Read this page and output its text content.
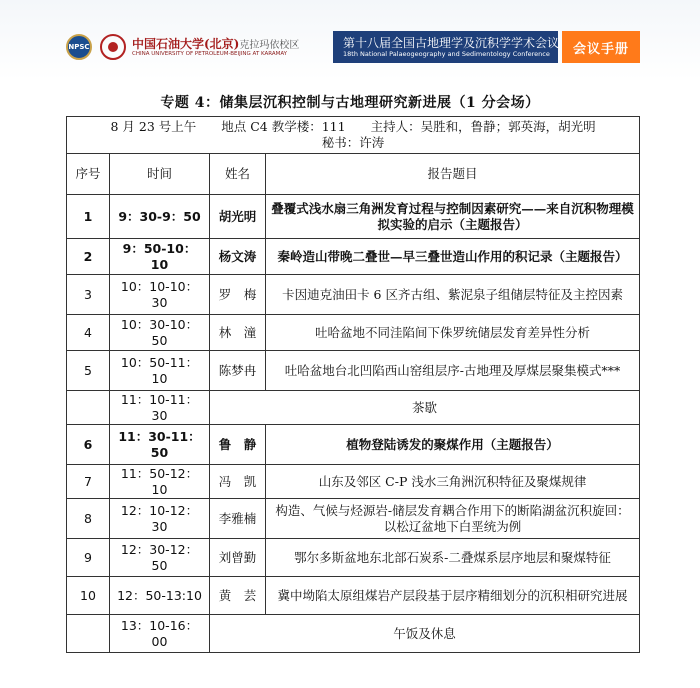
NPSC	中国石油大学(北京)克拉玛依校区
CHINA UNIVERSITY OF PETROLEUM-BEIJING AT KARAMAY
第十八届全国古地理学及沉积学学术会议
18th National Palaeogeography and Sedimentology Conference	会议手册
专题 4：储集层沉积控制与古地理研究新进展（1 分会场）
8 月 23 号上午　　地点 C4 教学楼：111　　主持人：吴胜和，鲁静；郭英海，胡光明
秘书：许涛			

序号	时间	姓名	报告题目
1	9：30-9：50	胡光明	叠覆式浅水扇三角洲发育过程与控制因素研究——来自沉积物理模拟实验的启示（主题报告）
2	9：50-10：10	杨文涛	秦岭造山带晚二叠世—早三叠世造山作用的积记录（主题报告）
3	10：10-10：30	罗　梅	卡因迪克油田卡 6 区齐古组、紫泥泉子组储层特征及主控因素
4	10：30-10：50	林　潼	吐哈盆地不同洼陷间下侏罗统储层发育差异性分析
5	10：50-11：10	陈梦冉	吐哈盆地台北凹陷西山窑组层序-古地理及厚煤层聚集模式***
	11：10-11：30	茶歇	
6	11：30-11：50	鲁　静	植物登陆诱发的聚煤作用（主题报告）
7	11：50-12：10	冯　凯	山东及邻区 C-P 浅水三角洲沉积特征及聚煤规律
8	12：10-12：30	李雅楠	构造、气候与烃源岩-储层发育耦合作用下的断陷湖盆沉积旋回：以松辽盆地下白垩统为例
9	12：30-12：50	刘曾勤	鄂尔多斯盆地东北部石炭系-二叠煤系层序地层和聚煤特征
10	12：50-13:10	黄　芸	冀中坳陷太原组煤岩产层段基于层序精细划分的沉积相研究进展
	13：10-16：00	午饭及休息	
